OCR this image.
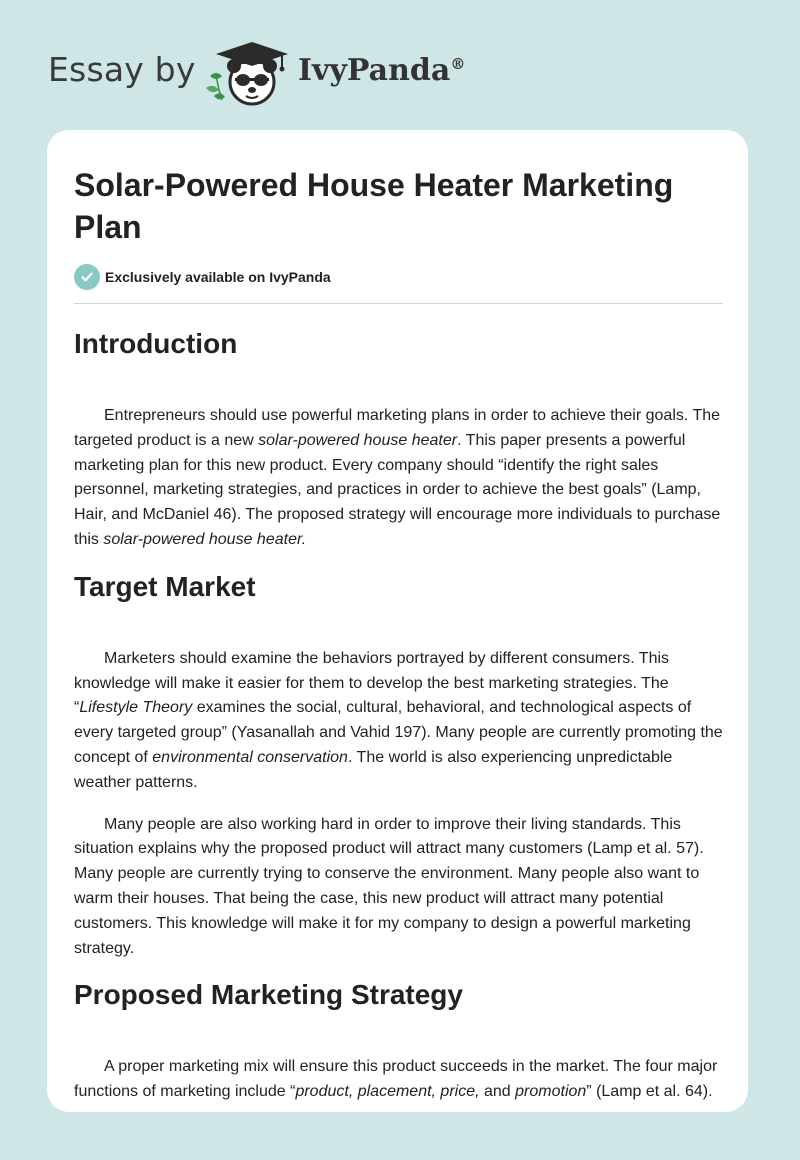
Essay by	IvyPanda®
Solar-Powered House Heater Marketing Plan
Exclusively available on IvyPanda
Introduction

Entrepreneurs should use powerful marketing plans in order to achieve their goals. The targeted product is a new solar-powered house heater. This paper presents a powerful marketing plan for this new product. Every company should “identify the right sales personnel, marketing strategies, and practices in order to achieve the best goals” (Lamp, Hair, and McDaniel 46). The proposed strategy will encourage more individuals to purchase this solar-powered house heater.

Target Market

Marketers should examine the behaviors portrayed by different consumers. This knowledge will make it easier for them to develop the best marketing strategies. The “Lifestyle Theory examines the social, cultural, behavioral, and technological aspects of every targeted group” (Yasanallah and Vahid 197). Many people are currently promoting the concept of environmental conservation. The world is also experiencing unpredictable weather patterns.

Many people are also working hard in order to improve their living standards. This situation explains why the proposed product will attract many customers (Lamp et al. 57). Many people are currently trying to conserve the environment. Many people also want to warm their houses. That being the case, this new product will attract many potential customers. This knowledge will make it for my company to design a powerful marketing strategy.

Proposed Marketing Strategy

A proper marketing mix will ensure this product succeeds in the market. The four major functions of marketing include “product, placement, price, and promotion” (Lamp et al. 64).
